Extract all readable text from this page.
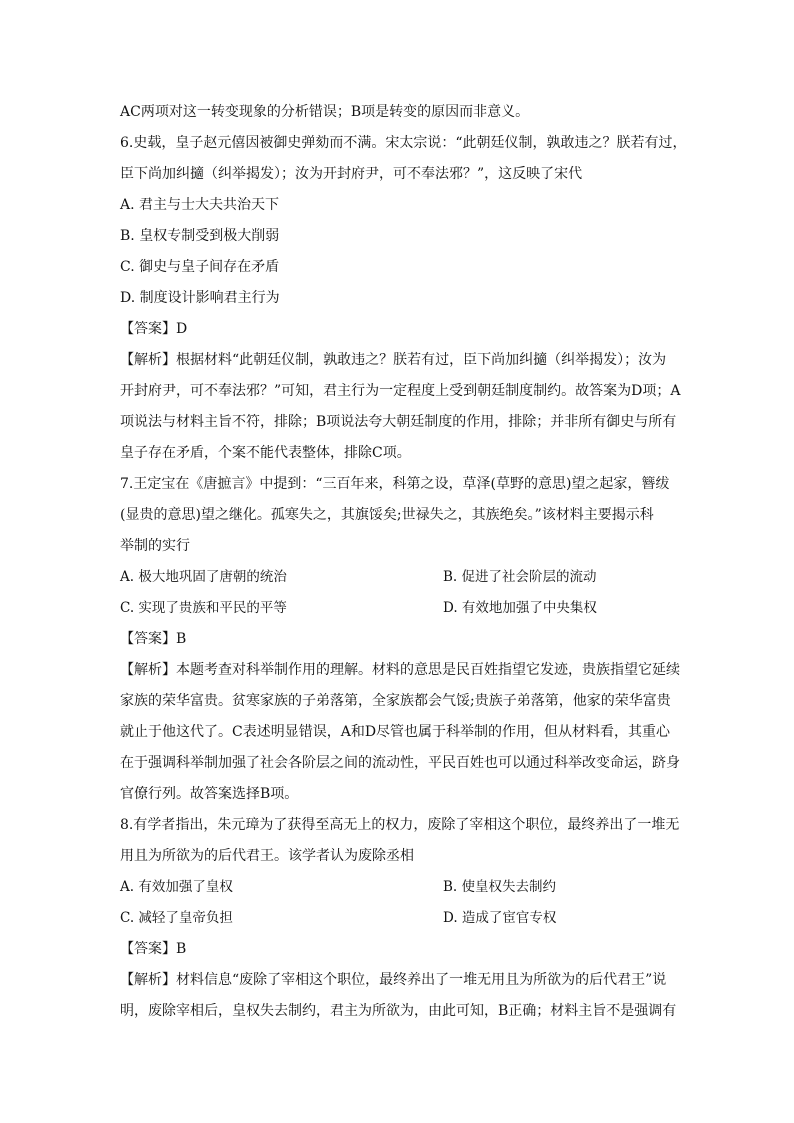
AC两项对这一转变现象的分析错误；B项是转变的原因而非意义。
6.史载，皇子赵元僖因被御史弹劾而不满。宋太宗说：“此朝廷仪制，孰敢违之？朕若有过，
臣下尚加纠擿（纠举揭发）；汝为开封府尹，可不奉法邪？”，这反映了宋代
A. 君主与士大夫共治天下
B. 皇权专制受到极大削弱
C. 御史与皇子间存在矛盾
D. 制度设计影响君主行为
【答案】D
【解析】根据材料“此朝廷仪制，孰敢违之？朕若有过，臣下尚加纠擿（纠举揭发）；汝为
开封府尹，可不奉法邪？”可知，君主行为一定程度上受到朝廷制度制约。故答案为D项；A
项说法与材料主旨不符，排除；B项说法夸大朝廷制度的作用，排除；并非所有御史与所有
皇子存在矛盾，个案不能代表整体，排除C项。
7.王定宝在《唐摭言》中提到：“三百年来，科第之设，草泽(草野的意思)望之起家，簪绂
(显贵的意思)望之继化。孤寒失之，其旗馁矣;世禄失之，其族绝矣。”该材料主要揭示科
举制的实行
A. 极大地巩固了唐朝的统治	B. 促进了社会阶层的流动
C. 实现了贵族和平民的平等	D. 有效地加强了中央集权
【答案】B
【解析】本题考查对科举制作用的理解。材料的意思是民百姓指望它发迹，贵族指望它延续
家族的荣华富贵。贫寒家族的子弟落第，全家族都会气馁;贵族子弟落第，他家的荣华富贵
就止于他这代了。C表述明显错误，A和D尽管也属于科举制的作用，但从材料看，其重心
在于强调科举制加强了社会各阶层之间的流动性，平民百姓也可以通过科举改变命运，跻身
官僚行列。故答案选择B项。
8.有学者指出，朱元璋为了获得至高无上的权力，废除了宰相这个职位，最终养出了一堆无
用且为所欲为的后代君王。该学者认为废除丞相
A. 有效加强了皇权	B. 使皇权失去制约
C. 减轻了皇帝负担	D. 造成了宦官专权
【答案】B
【解析】材料信息“废除了宰相这个职位，最终养出了一堆无用且为所欲为的后代君王”说
明，废除宰相后，皇权失去制约，君主为所欲为，由此可知，B正确；材料主旨不是强调有
